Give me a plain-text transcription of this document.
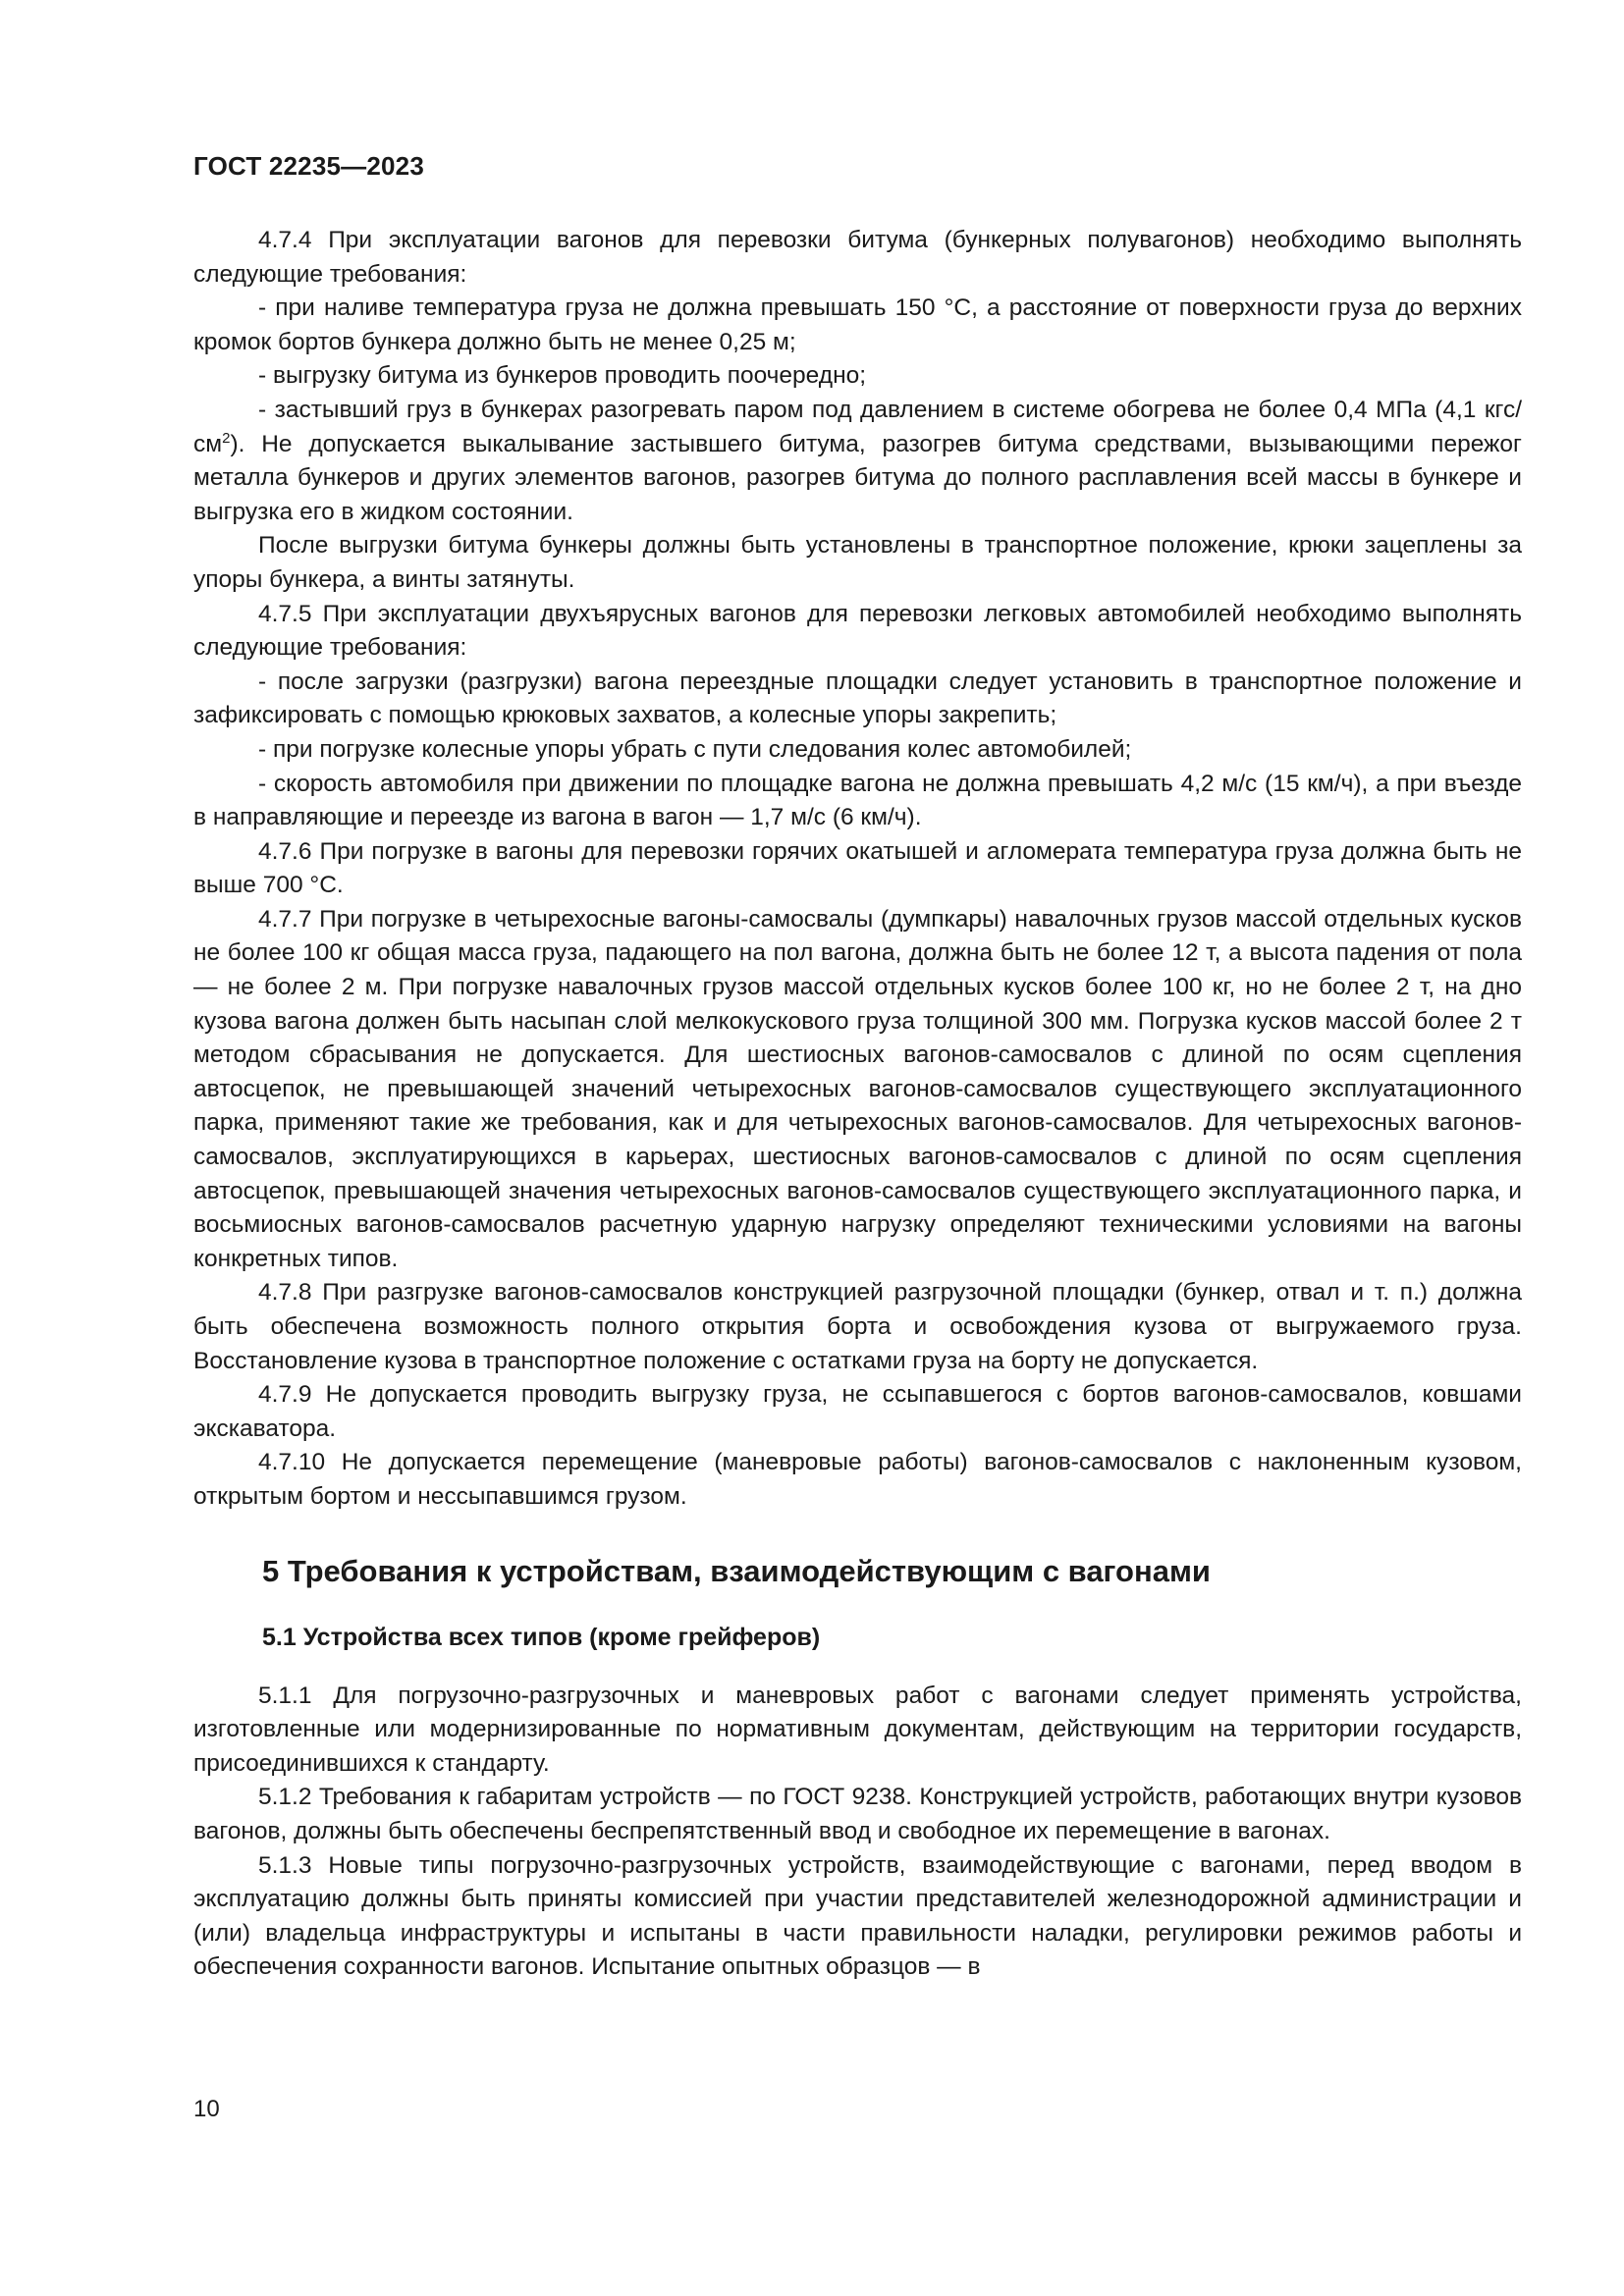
ГОСТ 22235—2023

4.7.4 При эксплуатации вагонов для перевозки битума (бункерных полувагонов) необходимо выполнять следующие требования:

- при наливе температура груза не должна превышать 150 °С, а расстояние от поверхности груза до верхних кромок бортов бункера должно быть не менее 0,25 м;

- выгрузку битума из бункеров проводить поочередно;

- застывший груз в бункерах разогревать паром под давлением в системе обогрева не более 0,4 МПа (4,1 кгс/$см^2$). Не допускается выкалывание застывшего битума, разогрев битума средствами, вызывающими пережог металла бункеров и других элементов вагонов, разогрев битума до полного расплавления всей массы в бункере и выгрузка его в жидком состоянии.

После выгрузки битума бункеры должны быть установлены в транспортное положение, крюки зацеплены за упоры бункера, а винты затянуты.

4.7.5 При эксплуатации двухъярусных вагонов для перевозки легковых автомобилей необходимо выполнять следующие требования:

- после загрузки (разгрузки) вагона переездные площадки следует установить в транспортное положение и зафиксировать с помощью крюковых захватов, а колесные упоры закрепить;

- при погрузке колесные упоры убрать с пути следования колес автомобилей;

- скорость автомобиля при движении по площадке вагона не должна превышать 4,2 м/с (15 км/ч), а при въезде в направляющие и переезде из вагона в вагон — 1,7 м/с (6 км/ч).

4.7.6 При погрузке в вагоны для перевозки горячих окатышей и агломерата температура груза должна быть не выше 700 °С.

4.7.7 При погрузке в четырехосные вагоны-самосвалы (думпкары) навалочных грузов массой отдельных кусков не более 100 кг общая масса груза, падающего на пол вагона, должна быть не более 12 т, а высота падения от пола — не более 2 м. При погрузке навалочных грузов массой отдельных кусков более 100 кг, но не более 2 т, на дно кузова вагона должен быть насыпан слой мелкокускового груза толщиной 300 мм. Погрузка кусков массой более 2 т методом сбрасывания не допускается. Для шестиосных вагонов-самосвалов с длиной по осям сцепления автосцепок, не превышающей значений четырехосных вагонов-самосвалов существующего эксплуатационного парка, применяют такие же требования, как и для четырехосных вагонов-самосвалов. Для четырехосных вагонов-самосвалов, эксплуатирующихся в карьерах, шестиосных вагонов-самосвалов с длиной по осям сцепления автосцепок, превышающей значения четырехосных вагонов-самосвалов существующего эксплуатационного парка, и восьмиосных вагонов-самосвалов расчетную ударную нагрузку определяют техническими условиями на вагоны конкретных типов.

4.7.8 При разгрузке вагонов-самосвалов конструкцией разгрузочной площадки (бункер, отвал и т. п.) должна быть обеспечена возможность полного открытия борта и освобождения кузова от выгружаемого груза. Восстановление кузова в транспортное положение с остатками груза на борту не допускается.

4.7.9 Не допускается проводить выгрузку груза, не ссыпавшегося с бортов вагонов-самосвалов, ковшами экскаватора.

4.7.10 Не допускается перемещение (маневровые работы) вагонов-самосвалов с наклоненным кузовом, открытым бортом и нессыпавшимся грузом.

5 Требования к устройствам, взаимодействующим с вагонами
5.1 Устройства всех типов (кроме грейферов)

5.1.1 Для погрузочно-разгрузочных и маневровых работ с вагонами следует применять устройства, изготовленные или модернизированные по нормативным документам, действующим на территории государств, присоединившихся к стандарту.

5.1.2 Требования к габаритам устройств — по ГОСТ 9238. Конструкцией устройств, работающих внутри кузовов вагонов, должны быть обеспечены беспрепятственный ввод и свободное их перемещение в вагонах.

5.1.3 Новые типы погрузочно-разгрузочных устройств, взаимодействующие с вагонами, перед вводом в эксплуатацию должны быть приняты комиссией при участии представителей железнодорожной администрации и (или) владельца инфраструктуры и испытаны в части правильности наладки, регулировки режимов работы и обеспечения сохранности вагонов. Испытание опытных образцов — в

10
